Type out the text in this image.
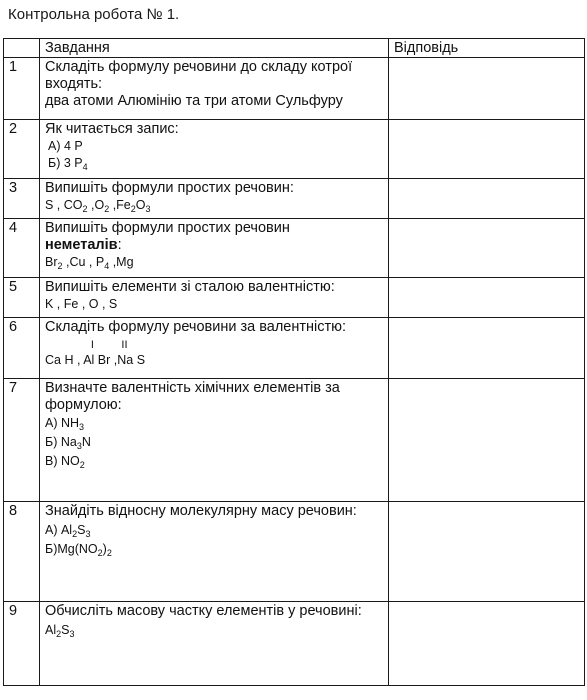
Контрольна робота № 1.
	Завдання	Відповідь
1	Складіть формулу речовини до складу котрої входять:
два атоми Алюмінію та три атоми Сульфуру	

2	Як читається запис:
А) 4 Р
Б) 3 $Р_4$

3	Випишіть формули простих речовин:
S , $CO_2$ $,O_2$ $,Fe_2O_3$

4	Випишіть формули простих речовин
неметалів:
$Br_2$ ,Cu , $P_4$ ,Mg	

5	Випишіть елементи зі сталою валентністю:
K , Fe , O , S	

6	Складіть формулу речовини за валентністю:
I         II
Ca H , Al Br ,Na S	

7	Визначте валентність хімічних елементів за формулою:
А) $NH_3$
Б) $Na_3N$
В) $NO_2$

8	Знайдіть відносну молекулярну масу речовин:
А) $Al_2S_3$
$Б)Mg(NO_2)_2$

9	Обчисліть масову частку елементів у речовині:
$Al_2S_3$
